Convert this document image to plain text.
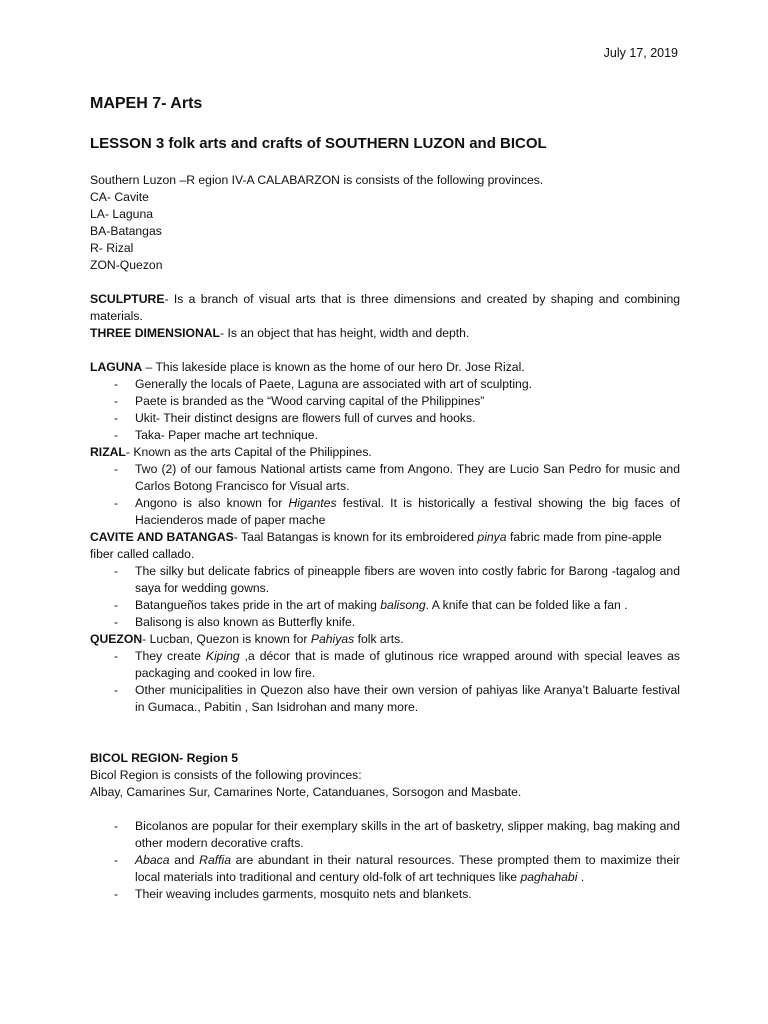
July 17, 2019
MAPEH 7- Arts
LESSON 3 folk arts and crafts of SOUTHERN LUZON and BICOL

Southern Luzon –R egion IV-A CALABARZON is consists of the following provinces.

CA- Cavite

LA- Laguna

BA-Batangas

R- Rizal

ZON-Quezon

SCULPTURE- Is a branch of visual arts that is three dimensions and created by shaping and combining materials.

THREE DIMENSIONAL- Is an object that has height, width and depth.

LAGUNA – This lakeside place is known as the home of our hero Dr. Jose Rizal.

- Generally the locals of Paete, Laguna are associated with art of sculpting.
- Paete is branded as the “Wood carving capital of the Philippines”
- Ukit- Their distinct designs are flowers full of curves and hooks.
- Taka- Paper mache art technique.

RIZAL- Known as the arts Capital of the Philippines.

- Two (2) of our famous National artists came from Angono. They are Lucio San Pedro for music and Carlos Botong Francisco for Visual arts.
- Angono is also known for Higantes festival. It is historically a festival showing the big faces of Hacienderos made of paper mache

CAVITE AND BATANGAS- Taal Batangas is known for its embroidered pinya fabric made from pine-apple fiber called callado.

- The silky but delicate fabrics of pineapple fibers are woven into costly fabric for Barong -tagalog and saya for wedding gowns.
- Batangueños takes pride in the art of making balisong. A knife that can be folded like a fan .
- Balisong is also known as Butterfly knife.

QUEZON- Lucban, Quezon is known for Pahiyas folk arts.

- They create Kiping ,a décor that is made of glutinous rice wrapped around with special leaves as packaging and cooked in low fire.
- Other municipalities in Quezon also have their own version of pahiyas like Aranya’t Baluarte festival in Gumaca., Pabitin , San Isidrohan and many more.

BICOL REGION- Region 5

Bicol Region is consists of the following provinces:

Albay, Camarines Sur, Camarines Norte, Catanduanes, Sorsogon and Masbate.

- Bicolanos are popular for their exemplary skills in the art of basketry, slipper making, bag making and other modern decorative crafts.
- Abaca and Raffia are abundant in their natural resources. These prompted them to maximize their local materials into traditional and century old-folk of art techniques like paghahabi .
- Their weaving includes garments, mosquito nets and blankets.
